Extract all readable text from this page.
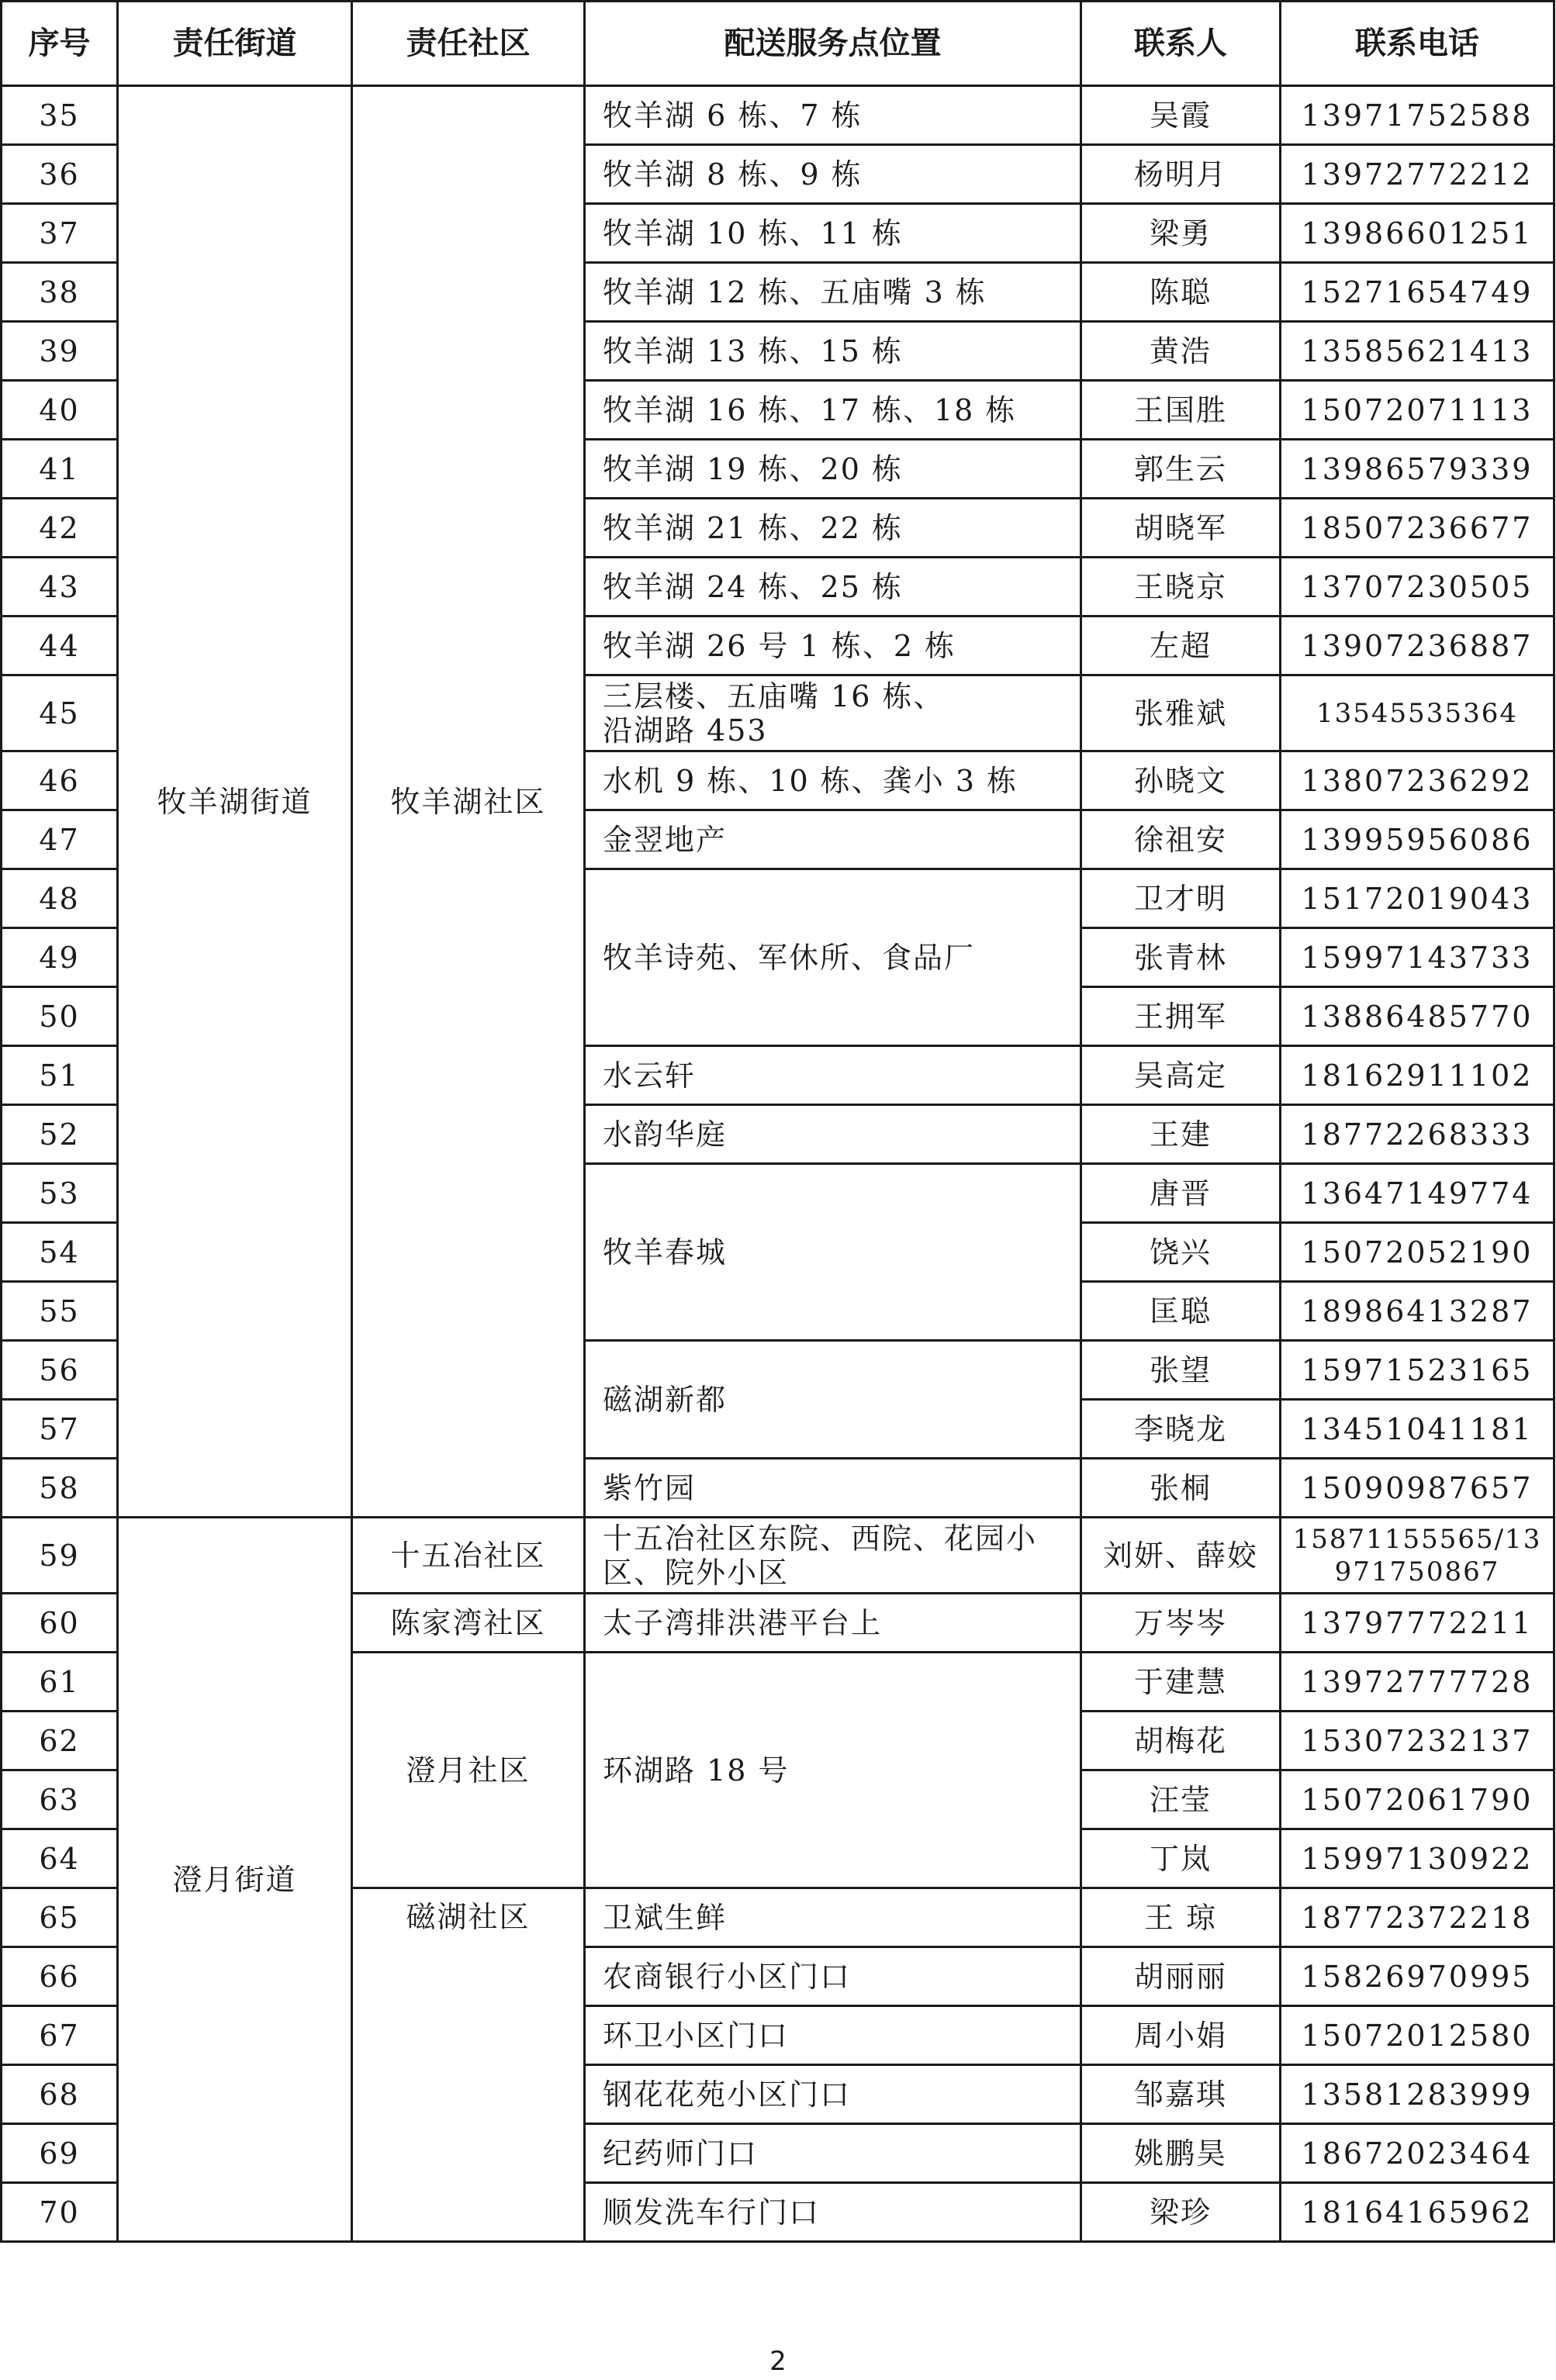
序号	责任街道	责任社区	配送服务点位置	联系人	联系电话
35	牧羊湖街道	牧羊湖社区	牧羊湖 6 栋、7 栋	吴霞	13971752588
36			牧羊湖 8 栋、9 栋	杨明月	13972772212
37			牧羊湖 10 栋、11 栋	梁勇	13986601251
38			牧羊湖 12 栋、五庙嘴 3 栋	陈聪	15271654749
39			牧羊湖 13 栋、15 栋	黄浩	13585621413
40			牧羊湖 16 栋、17 栋、18 栋	王国胜	15072071113
41			牧羊湖 19 栋、20 栋	郭生云	13986579339
42			牧羊湖 21 栋、22 栋	胡晓军	18507236677
43			牧羊湖 24 栋、25 栋	王晓京	13707230505
44			牧羊湖 26 号 1 栋、2 栋	左超	13907236887
45			三层楼、五庙嘴 16 栋、
沿湖路 453	张雅斌	13545535364
46			水机 9 栋、10 栋、龚小 3 栋	孙晓文	13807236292
47			金翌地产	徐祖安	13995956086
48			牧羊诗苑、军休所、食品厂	卫才明	15172019043
49				张青林	15997143733
50				王拥军	13886485770
51			水云轩	吴高定	18162911102
52			水韵华庭	王建	18772268333
53			牧羊春城	唐晋	13647149774
54				饶兴	15072052190
55				匡聪	18986413287
56			磁湖新都	张望	15971523165
57				李晓龙	13451041181
58			紫竹园	张桐	15090987657
59	澄月街道	十五冶社区	十五冶社区东院、西院、花园小
区、院外小区	刘妍、薛姣	15871155565/13
971750867
60		陈家湾社区	太子湾排洪港平台上	万岑岑	13797772211
61		澄月社区	环湖路 18 号	于建慧	13972777728
62				胡梅花	15307232137
63				汪莹	15072061790
64				丁岚	15997130922
65		磁湖社区	卫斌生鲜	王 琼	18772372218
66			农商银行小区门口	胡丽丽	15826970995
67			环卫小区门口	周小娟	15072012580
68			钢花花苑小区门口	邹嘉琪	13581283999
69			纪药师门口	姚鹏昊	18672023464
70			顺发洗车行门口	梁珍	18164165962
2
